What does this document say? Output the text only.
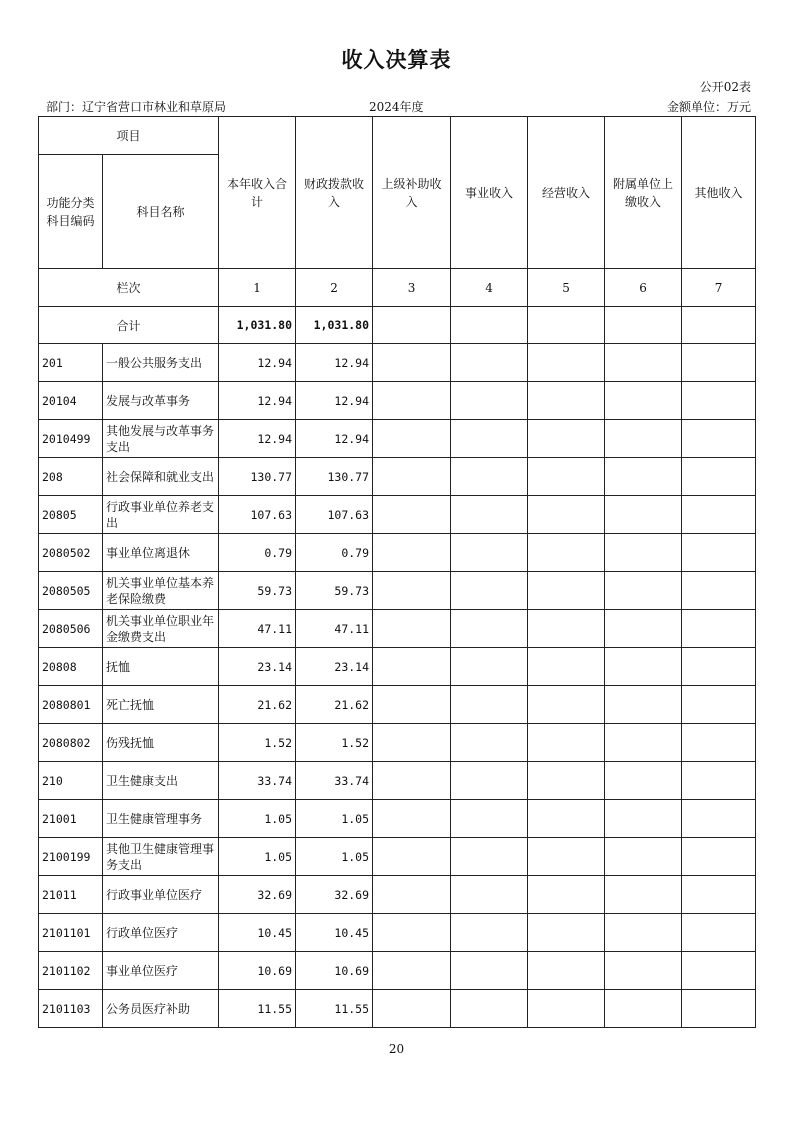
收入决算表
公开02表
部门：辽宁省营口市林业和草原局	2024年度	金额单位：万元
项目		本年收入合计	财政拨款收入	上级补助收入	事业收入	经营收入	附属单位上缴收入	其他收入

功能分类科目编码	科目名称							
栏次		1	2	3	4	5	6	7
合计		1,031.80	1,031.80					
201	一般公共服务支出	12.94	12.94					
20104	发展与改革事务	12.94	12.94					
2010499	其他发展与改革事务支出	12.94	12.94					
208	社会保障和就业支出	130.77	130.77					
20805	行政事业单位养老支出	107.63	107.63					
2080502	事业单位离退休	0.79	0.79					
2080505	机关事业单位基本养老保险缴费	59.73	59.73					
2080506	机关事业单位职业年金缴费支出	47.11	47.11					
20808	抚恤	23.14	23.14					
2080801	死亡抚恤	21.62	21.62					
2080802	伤残抚恤	1.52	1.52					
210	卫生健康支出	33.74	33.74					
21001	卫生健康管理事务	1.05	1.05					
2100199	其他卫生健康管理事务支出	1.05	1.05					
21011	行政事业单位医疗	32.69	32.69					
2101101	行政单位医疗	10.45	10.45					
2101102	事业单位医疗	10.69	10.69					
2101103	公务员医疗补助	11.55	11.55					
20
